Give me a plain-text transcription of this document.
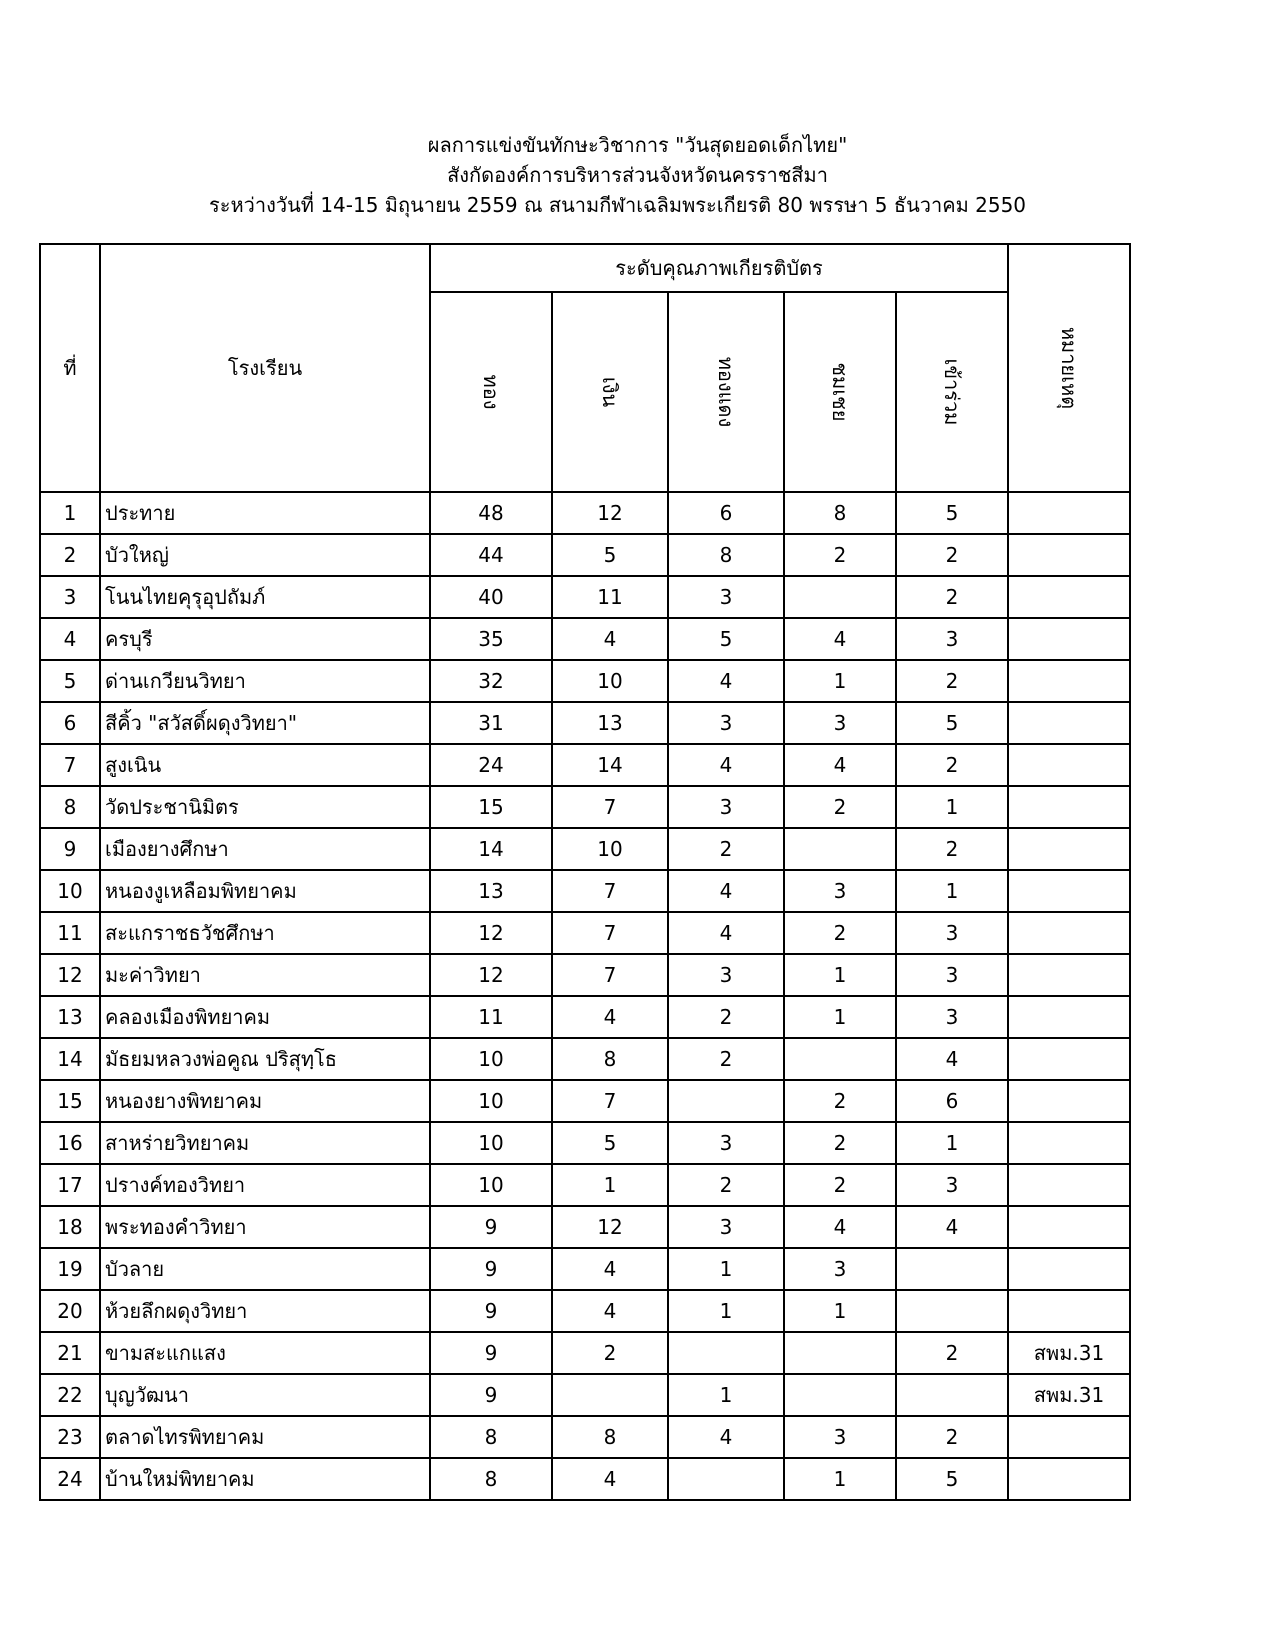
ผลการแข่งขันทักษะวิชาการ "วันสุดยอดเด็กไทย"
สังกัดองค์การบริหารส่วนจังหวัดนครราชสีมา
ระหว่างวันที่ 14-15 มิถุนายน 2559 ณ สนามกีฬาเฉลิมพระเกียรติ 80 พรรษา 5 ธันวาคม 2550
ที่	โรงเรียน	ระดับคุณภาพเกียรติบัตร					หมายเหตุ

		ทอง	เงิน	ทองแดง	ชมเชย	เข้าร่วม	

1	ประทาย	48	12	6	8	5	
2	บัวใหญ่	44	5	8	2	2	
3	โนนไทยคุรุอุปถัมภ์	40	11	3		2	
4	ครบุรี	35	4	5	4	3	
5	ด่านเกวียนวิทยา	32	10	4	1	2	
6	สีคิ้ว "สวัสดิ์ผดุงวิทยา"	31	13	3	3	5	
7	สูงเนิน	24	14	4	4	2	
8	วัดประชานิมิตร	15	7	3	2	1	
9	เมืองยางศึกษา	14	10	2		2	
10	หนองงูเหลือมพิทยาคม	13	7	4	3	1	
11	สะแกราชธวัชศึกษา	12	7	4	2	3	
12	มะค่าวิทยา	12	7	3	1	3	
13	คลองเมืองพิทยาคม	11	4	2	1	3	
14	มัธยมหลวงพ่อคูณ ปริสุทฺโธ	10	8	2		4	
15	หนองยางพิทยาคม	10	7		2	6	
16	สาหร่ายวิทยาคม	10	5	3	2	1	
17	ปรางค์ทองวิทยา	10	1	2	2	3	
18	พระทองคำวิทยา	9	12	3	4	4	
19	บัวลาย	9	4	1	3		
20	ห้วยลึกผดุงวิทยา	9	4	1	1		
21	ขามสะแกแสง	9	2			2	สพม.31
22	บุญวัฒนา	9		1			สพม.31
23	ตลาดไทรพิทยาคม	8	8	4	3	2	
24	บ้านใหม่พิทยาคม	8	4		1	5	
